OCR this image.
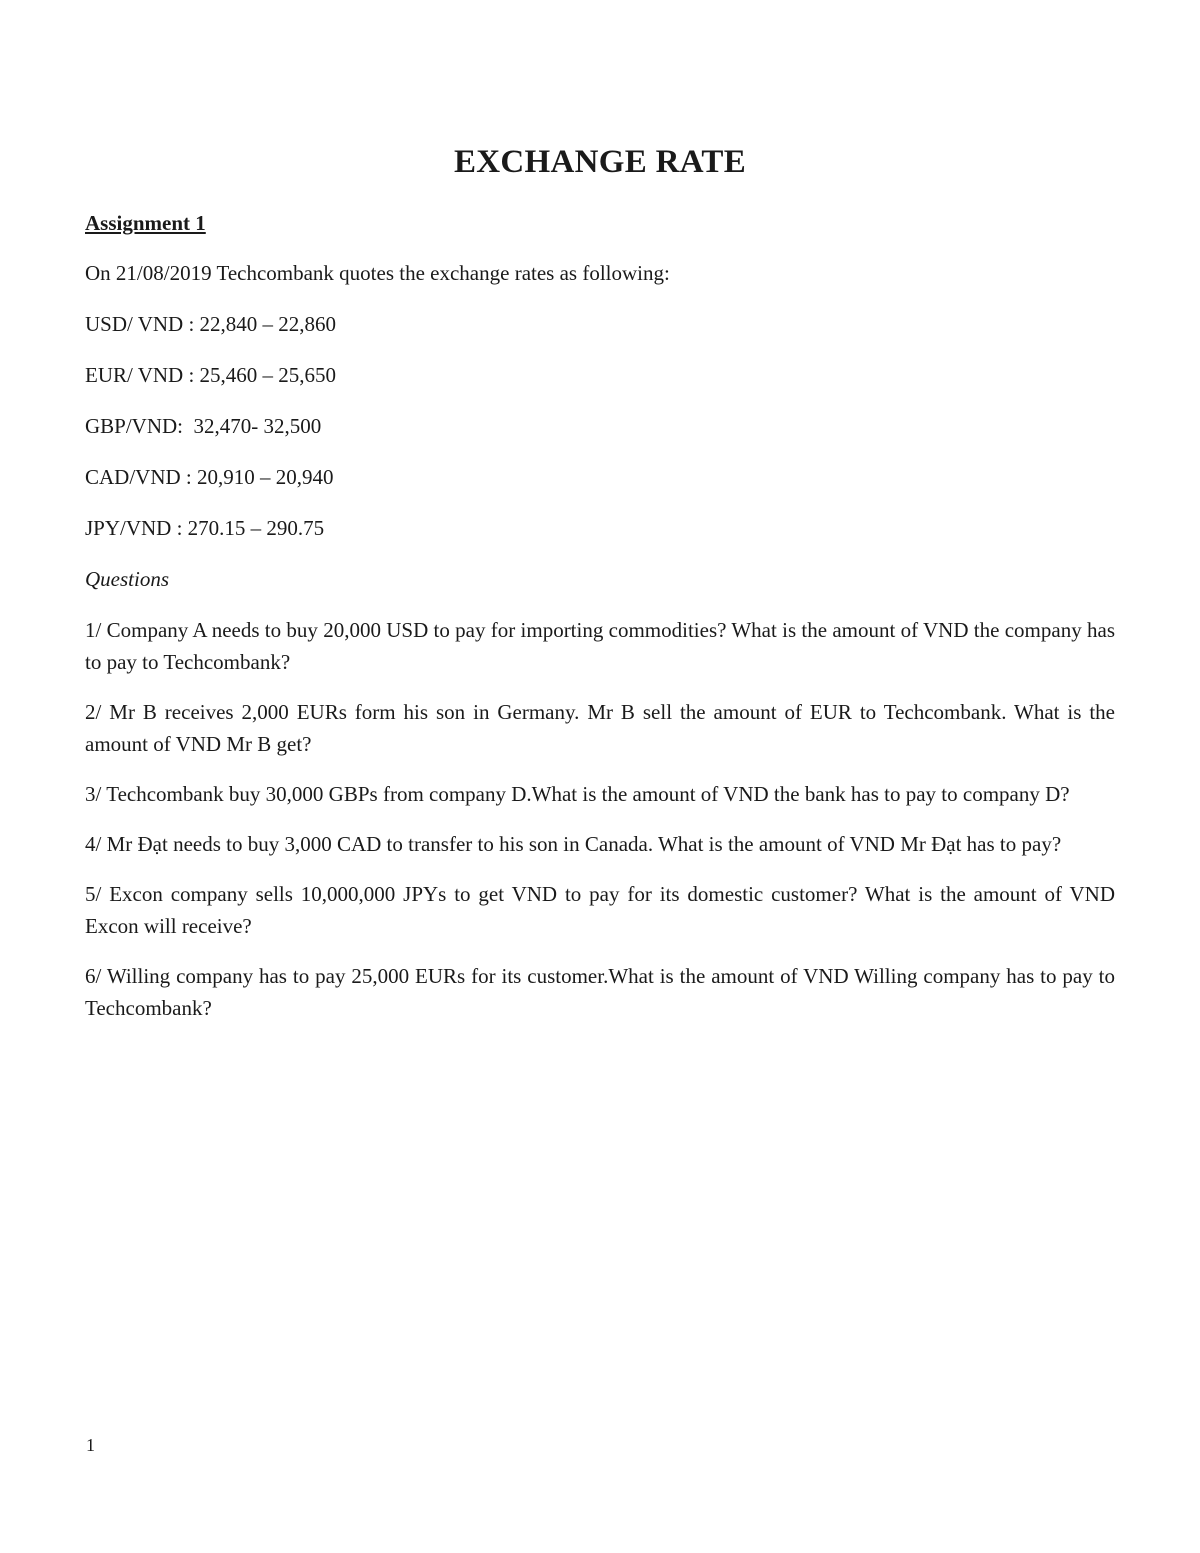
EXCHANGE RATE
Assignment 1
On 21/08/2019 Techcombank quotes the exchange rates as following:
USD/ VND : 22,840 – 22,860
EUR/ VND : 25,460 – 25,650
GBP/VND:  32,470- 32,500
CAD/VND : 20,910 – 20,940
JPY/VND : 270.15 – 290.75
Questions
1/ Company A needs to buy 20,000 USD to pay for importing commodities? What is the amount of VND the company has to pay to Techcombank?
2/ Mr B receives 2,000 EURs form his son in Germany. Mr B sell the amount of EUR to Techcombank. What is the amount of VND Mr B get?
3/ Techcombank buy 30,000 GBPs from company D.What is the amount of VND the bank has to pay to company D?
4/ Mr Đạt needs to buy 3,000 CAD to transfer to his son in Canada. What is the amount of VND Mr Đạt has to pay?
5/ Excon company sells 10,000,000 JPYs to get VND to pay for its domestic customer? What is the amount of VND Excon will receive?
6/ Willing company has to pay 25,000 EURs for its customer.What is the amount of VND Willing company has to pay to Techcombank?
1
